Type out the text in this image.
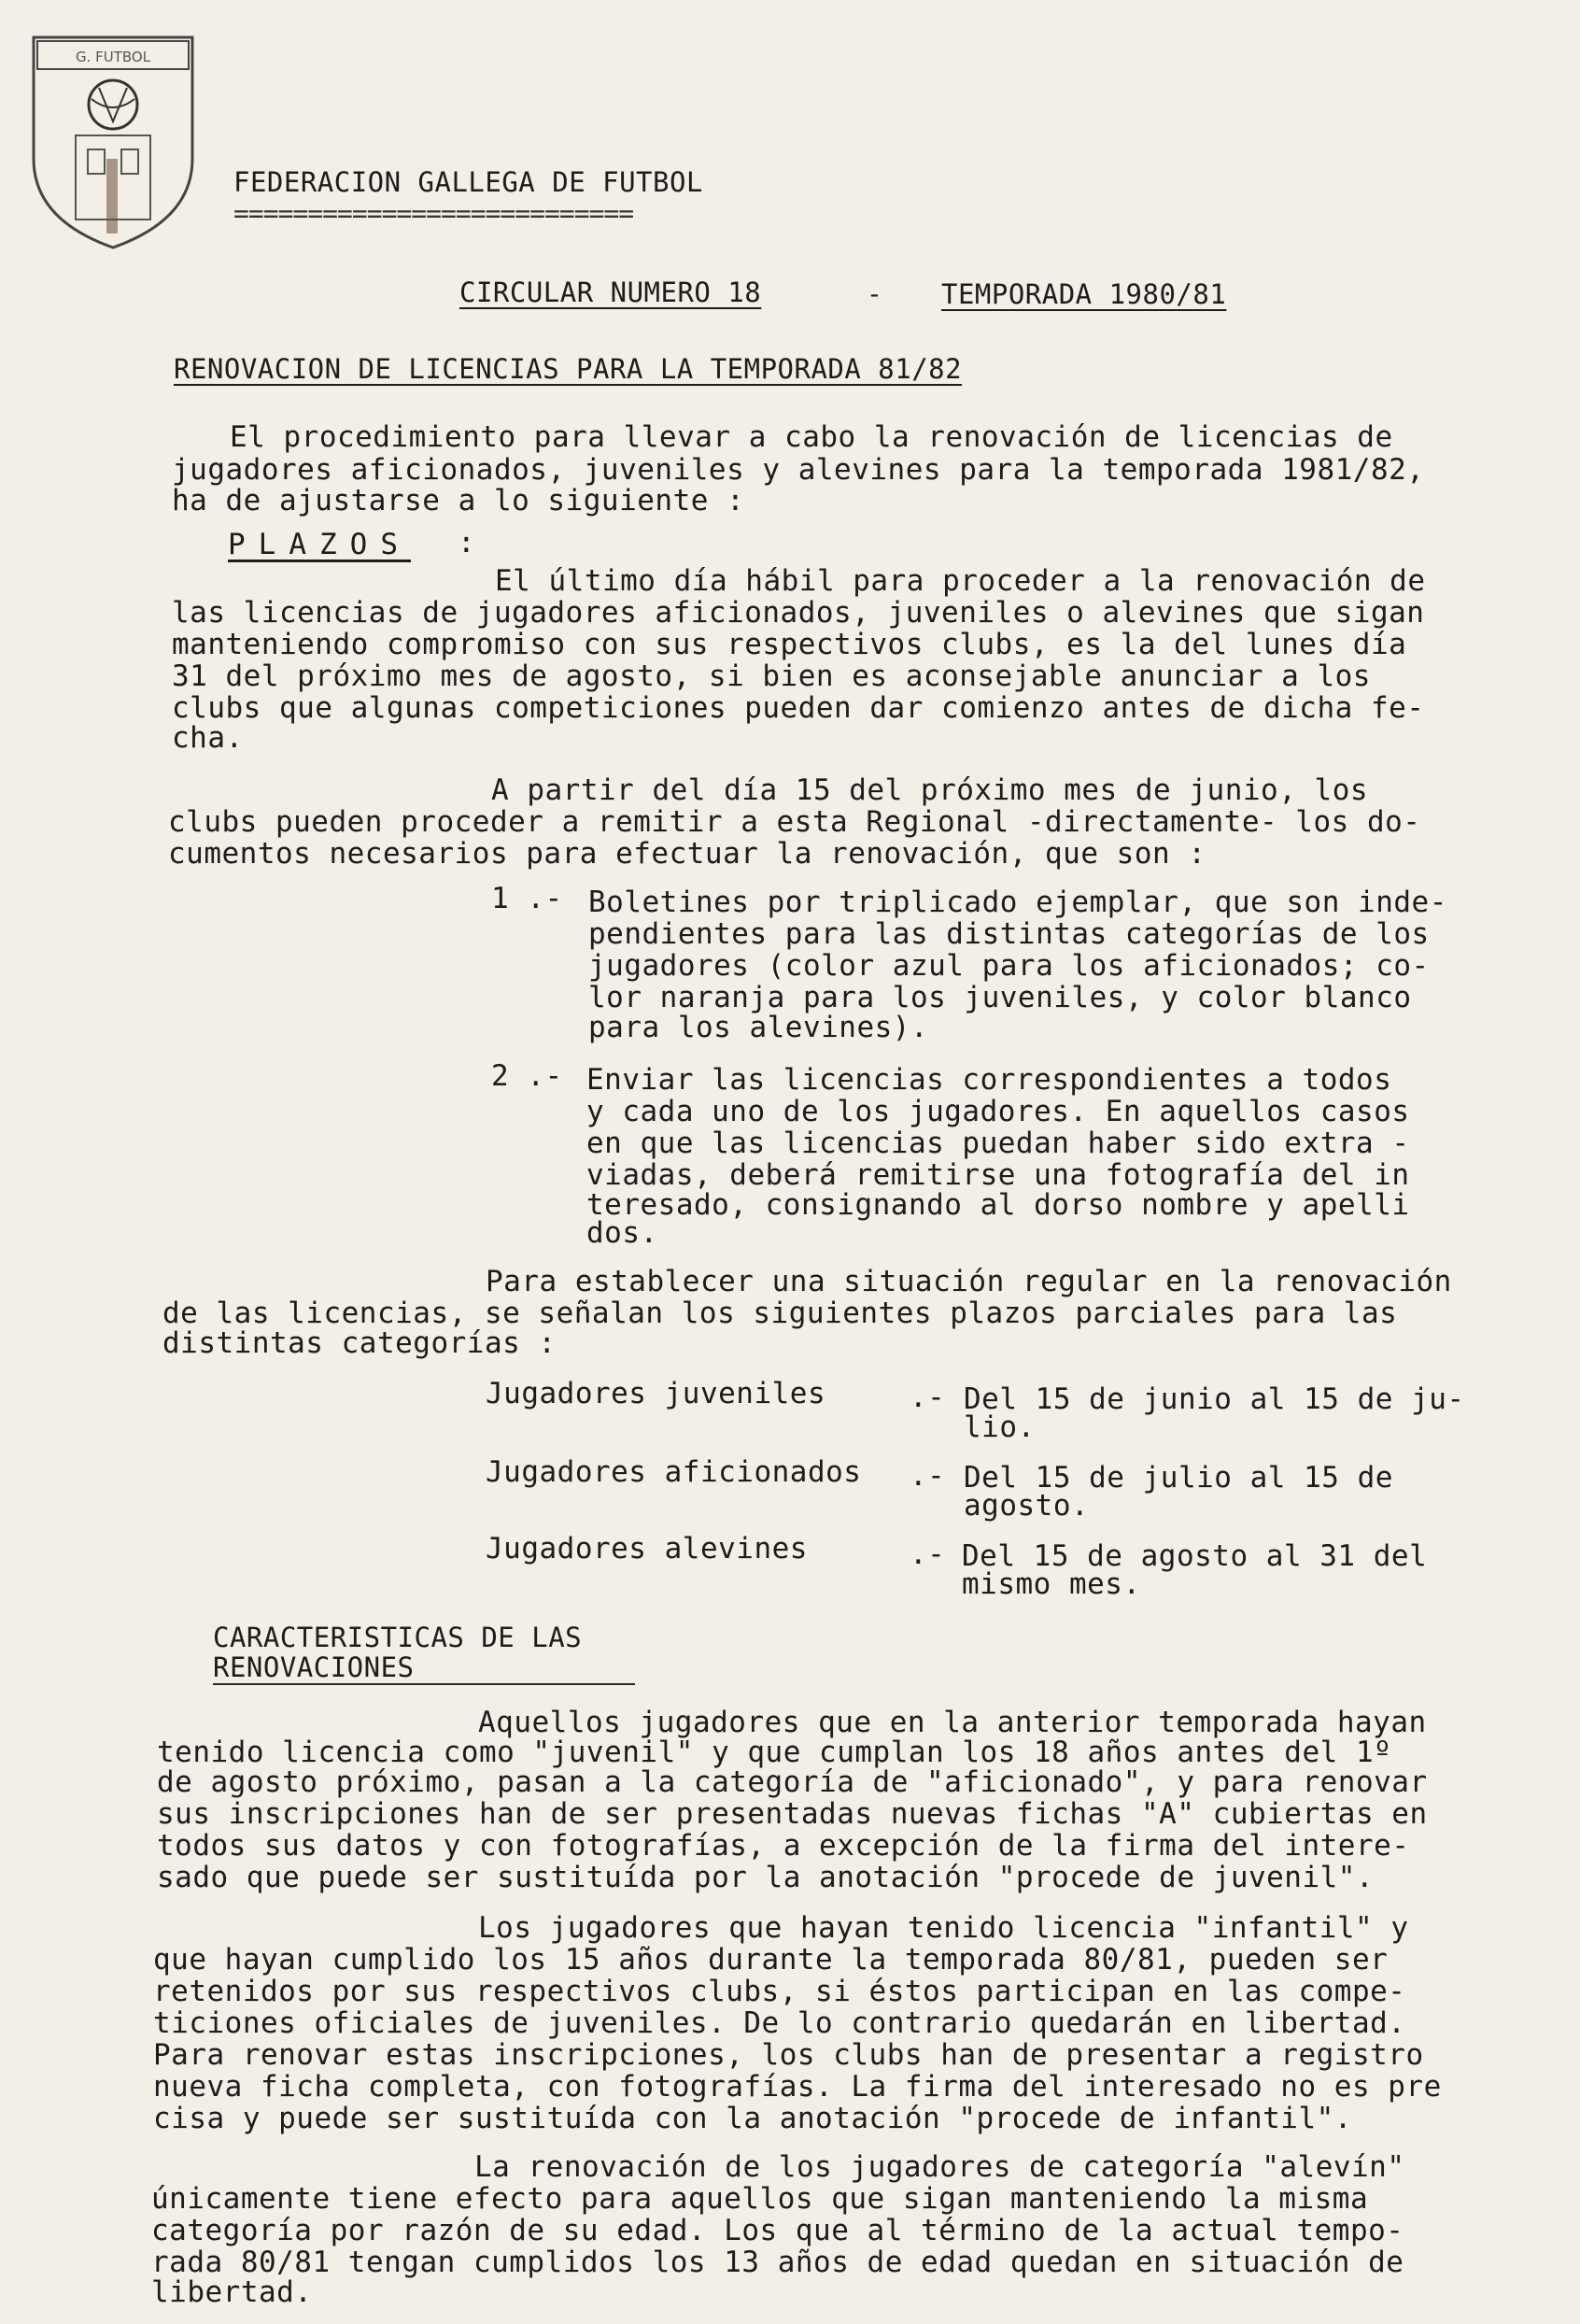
G. FUTBOL
FEDERACION GALLEGA DE FUTBOL
===========================
CIRCULAR NUMERO 18	- TEMPORADA 1980/81
RENOVACION DE LICENCIAS PARA LA TEMPORADA 81/82
El procedimiento para llevar a cabo la renovación de licencias de
jugadores aficionados, juveniles y alevines para la temporada 1981/82,
ha de ajustarse a lo siguiente :
PLAZOS :
El último día hábil para proceder a la renovación de
las licencias de jugadores aficionados, juveniles o alevines que sigan
manteniendo compromiso con sus respectivos clubs, es la del lunes día
31 del próximo mes de agosto, si bien es aconsejable anunciar a los
clubs que algunas competiciones pueden dar comienzo antes de dicha fe-
cha.
A partir del día 15 del próximo mes de junio, los
clubs pueden proceder a remitir a esta Regional -directamente- los do-
cumentos necesarios para efectuar la renovación, que son :
1 .- Boletines por triplicado ejemplar, que son inde-
pendientes para las distintas categorías de los
jugadores (color azul para los aficionados; co-
lor naranja para los juveniles, y color blanco
para los alevines).
2 .- Enviar las licencias correspondientes a todos
y cada uno de los jugadores. En aquellos casos
en que las licencias puedan haber sido extra -
viadas, deberá remitirse una fotografía del in
teresado, consignando al dorso nombre y apelli
dos.
Para establecer una situación regular en la renovación
de las licencias, se señalan los siguientes plazos parciales para las
distintas categorías :
Jugadores juveniles	.- Del 15 de junio al 15 de ju-
lio.
Jugadores aficionados .- Del 15 de julio al 15 de
agosto.
Jugadores alevines	.- Del 15 de agosto al 31 del
mismo mes.
CARACTERISTICAS DE LAS
RENOVACIONES
Aquellos jugadores que en la anterior temporada hayan
tenido licencia como "juvenil" y que cumplan los 18 años antes del 1º
de agosto próximo, pasan a la categoría de "aficionado", y para renovar
sus inscripciones han de ser presentadas nuevas fichas "A" cubiertas en
todos sus datos y con fotografías, a excepción de la firma del intere-
sado que puede ser sustituída por la anotación "procede de juvenil".
Los jugadores que hayan tenido licencia "infantil" y
que hayan cumplido los 15 años durante la temporada 80/81, pueden ser
retenidos por sus respectivos clubs, si éstos participan en las compe-
ticiones oficiales de juveniles. De lo contrario quedarán en libertad.
Para renovar estas inscripciones, los clubs han de presentar a registro
nueva ficha completa, con fotografías. La firma del interesado no es pre
cisa y puede ser sustituída con la anotación "procede de infantil".
La renovación de los jugadores de categoría "alevín"
únicamente tiene efecto para aquellos que sigan manteniendo la misma
categoría por razón de su edad. Los que al término de la actual tempo-
rada 80/81 tengan cumplidos los 13 años de edad quedan en situación de
libertad.
